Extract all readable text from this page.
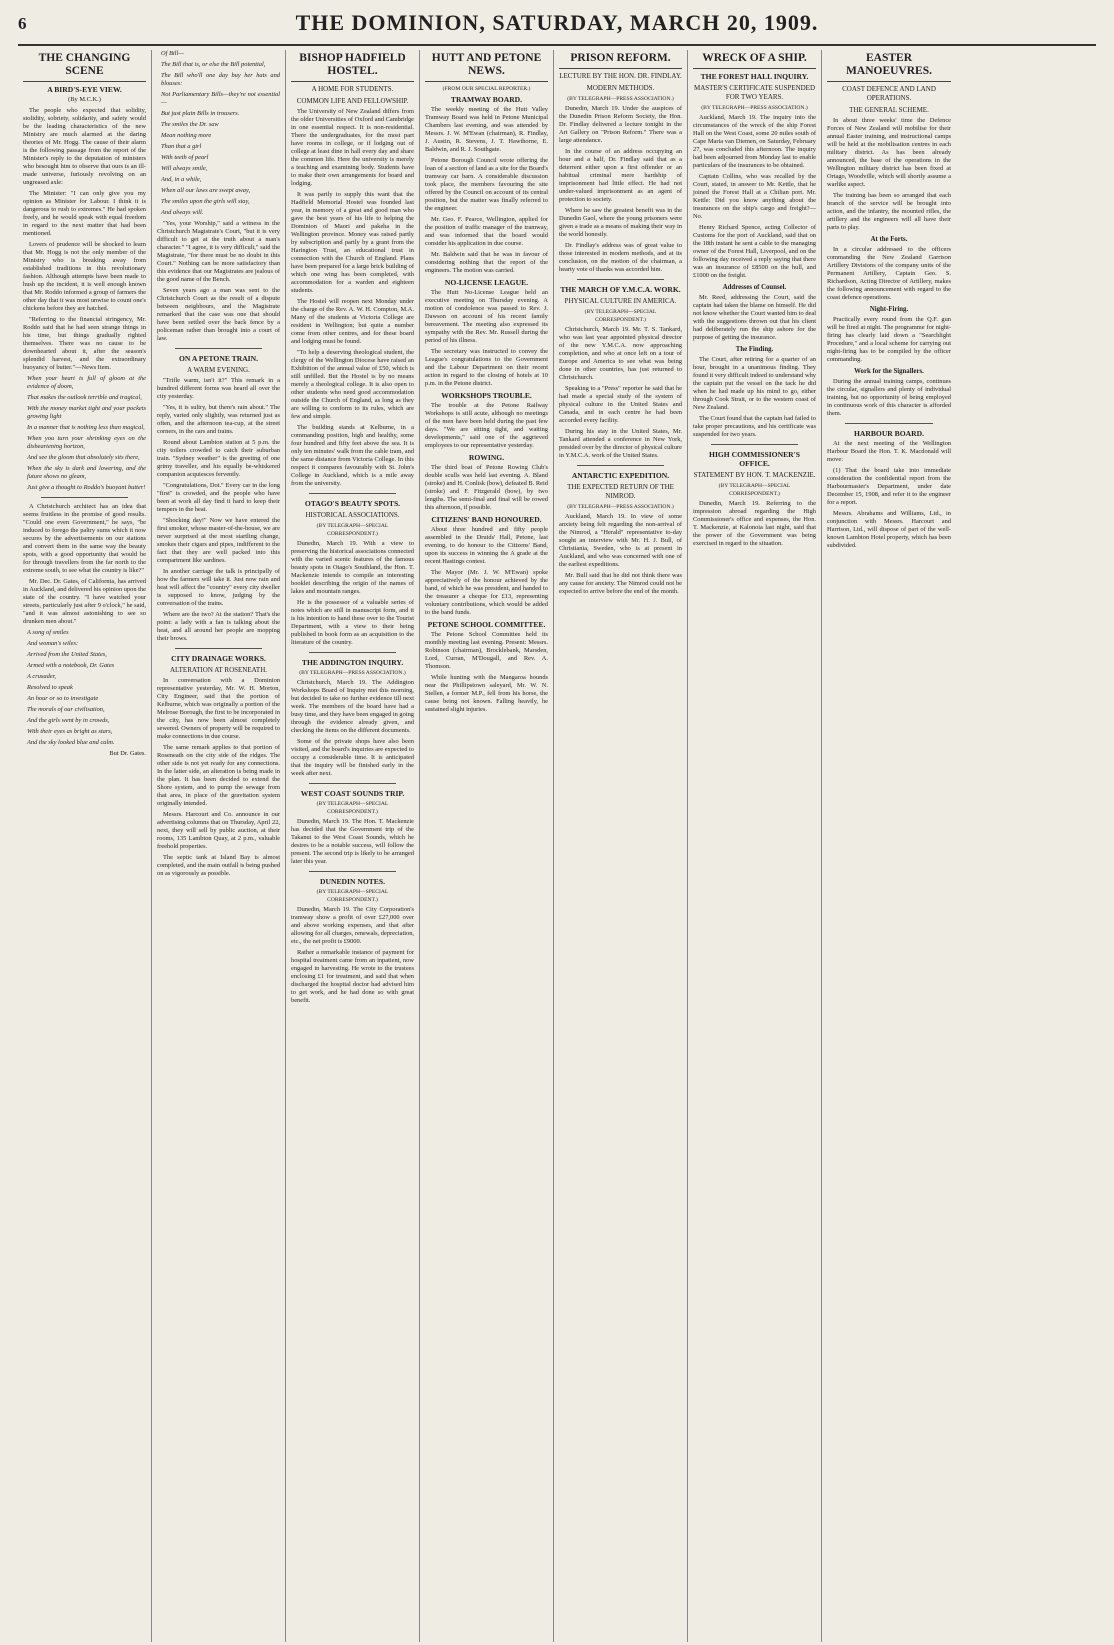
6	THE DOMINION, SATURDAY, MARCH 20, 1909.
THE CHANGING SCENE
A BIRD'S-EYE VIEW.
(By M.C.K.)

The people who expected that solidity, stolidity, sobriety, solidarity, and safety would be the leading characteristics of the new Ministry are much alarmed at the daring theories of Mr. Hogg. The cause of their alarm is the following passage from the report of the Minister's reply to the deputation of ministers who besought him to observe that ours is an ill-made universe, furiously revolving on an ungreased axle:

The Minister: "I can only give you my opinion as Minister for Labour. I think it is dangerous to rush to extremes." He had spoken freely, and he would speak with equal freedom in regard to the next matter that had been mentioned.

Lovers of prudence will be shocked to learn that Mr. Hogg is not the only member of the Ministry who is breaking away from established traditions in this revolutionary fashion. Although attempts have been made to hush up the incident, it is well enough known that Mr. Roddo informed a group of farmers the other day that it was most unwise to count one's chickens before they are hatched.

"Referring to the financial stringency, Mr. Roddo said that he had seen strange things in his time, but things gradually righted themselves. There was no cause to be downhearted about it, after the season's splendid harvest, and the extraordinary buoyancy of butter."—News Item.

When your heart is full of gloom at the evidence of doom,

That makes the outlook terrible and tragical,

With the money market tight and your pockets growing light

In a manner that is nothing less than magical,

When you turn your shrinking eyes on the disheartening horizon,

And see the gloom that absolutely sits there,

When the sky is dark and lowering, and the future shows no gleam,

Just give a thought to Roddo's buoyant butter!

A Christchurch architect has an idea that seems fruitless in the promise of good results. "Could one even Government," he says, "be induced to forego the paltry sums which it now secures by the advertisements on our stations and convert them in the same way the beauty spots, with a good opportunity that would be for through travellers from the far north to the extreme south, to see what the country is like?"

Mr. Dec. Dr. Gates, of California, has arrived in Auckland, and delivered his opinion upon the state of the country. "I have watched your streets, particularly just after 9 o'clock," he said, "and it was almost astonishing to see so drunken men about."

A song of smiles

And woman's wiles:

Arrived from the United States,

Armed with a notebook, Dr. Gates

A crusader,

Resolved to speak

An hour or so to investigate

The morals of our civilisation,

And the girls went by in crowds,

With their eyes as bright as stars,

And the sky looked blue and calm.

But Dr. Gates.

Of Bill—

The Bill that is, or else the Bill potential,

The Bill who'll one day buy her hats and blouses:

Not Parliamentary Bills—they're not essential—

But just plain Bills in trousers.

The smiles the Dr. saw

Mean nothing more

Than that a girl

With teeth of pearl

Will always smile,

And, in a while,

When all our laws are swept away,

The smiles upon the girls will stay,

And always will.

"Yes, your Worship," said a witness in the Christchurch Magistrate's Court, "but it is very difficult to get at the truth about a man's character." "I agree, it is very difficult," said the Magistrate, "for there must be no doubt in this Court." Nothing can be more satisfactory than this evidence that our Magistrates are jealous of the good name of the Bench.

Seven years ago a man was sent to the Christchurch Court as the result of a dispute between neighbours, and the Magistrate remarked that the case was one that should have been settled over the back fence by a policeman rather than brought into a court of law.

ON A PETONE TRAIN.
A WARM EVENING.

"Trifle warm, isn't it?" This remark in a hundred different forms was heard all over the city yesterday.

"Yes, it is sultry, but there's rain about." The reply, varied only slightly, was returned just as often, and the afternoon tea-cup, at the street corners, in the cars and trains.

Round about Lambton station at 5 p.m. the city toilers crowded to catch their suburban train. "Sydney weather" is the greeting of one grimy traveller, and his equally be-whiskered companion acquiesces fervently.

"Congratulations, Dot." Every car in the long "first" is crowded, and the people who have been at work all day find it hard to keep their tempers in the heat.

"Shocking day!" Now we have entered the first smoker, whose master-of-the-house, we are never surprised at the most startling change, smokes their cigars and pipes, indifferent to the fact that they are well packed into this compartment like sardines.

In another carriage the talk is principally of how the farmers will take it. Just now rain and heat will affect the "country" every city dweller is supposed to know, judging by the conversation of the trains.

Where are the two? At the station? That's the point: a lady with a fan is talking about the heat, and all around her people are mopping their brows.

CITY DRAINAGE WORKS.
ALTERATION AT ROSENEATH.

In conversation with a Dominion representative yesterday, Mr. W. H. Morton, City Engineer, said that the portion of Kelburne, which was originally a portion of the Melrose Borough, the first to be incorporated in the city, has now been almost completely sewered. Owners of property will be required to make connections in due course.

The same remark applies to that portion of Roseneath on the city side of the ridges. The other side is not yet ready for any connections. In the latter side, an alteration is being made in the plan. It has been decided to extend the Shore system, and to pump the sewage from that area, in place of the gravitation system originally intended.

Messrs. Harcourt and Co. announce in our advertising columns that on Thursday, April 22, next, they will sell by public auction, at their rooms, 135 Lambton Quay, at 2 p.m., valuable freehold properties.

The septic tank at Island Bay is almost completed, and the main outfall is being pushed on as vigorously as possible.

BISHOP HADFIELD HOSTEL.
A HOME FOR STUDENTS.
COMMON LIFE AND FELLOWSHIP.

The University of New Zealand differs from the older Universities of Oxford and Cambridge in one essential respect. It is non-residential. There the undergraduates, for the most part have rooms in college, or if lodging out of college at least dine in hall every day and share the common life. Here the university is merely a teaching and examining body. Students have to make their own arrangements for board and lodging.

It was partly to supply this want that the Hadfield Memorial Hostel was founded last year, in memory of a great and good man who gave the best years of his life to helping the Dominion of Maori and pakeha in the Wellington province. Money was raised partly by subscription and partly by a grant from the Harington Trust, an educational trust in connection with the Church of England. Plans have been prepared for a large brick building of which one wing has been completed, with accommodation for a warden and eighteen students.

The Hostel will reopen next Monday under the charge of the Rev. A. W. H. Compton, M.A. Many of the students at Victoria College are resident in Wellington; but quite a number come from other centres, and for these board and lodging must be found.

"To help a deserving theological student, the clergy of the Wellington Diocese have raised an Exhibition of the annual value of £50, which is still unfilled. But the Hostel is by no means merely a theological college. It is also open to other students who need good accommodation outside the Church of England, as long as they are willing to conform to its rules, which are few and simple.

The building stands at Kelburne, in a commanding position, high and healthy, some four hundred and fifty feet above the sea. It is only ten minutes' walk from the cable tram, and the same distance from Victoria College. In this respect it compares favourably with St. John's College in Auckland, which is a mile away from the university.

OTAGO'S BEAUTY SPOTS.
HISTORICAL ASSOCIATIONS.
(BY TELEGRAPH—SPECIAL CORRESPONDENT.)

Dunedin, March 19. With a view to preserving the historical associations connected with the varied scenic features of the famous beauty spots in Otago's Southland, the Hon. T. Mackenzie intends to compile an interesting booklet describing the origin of the names of lakes and mountain ranges.

He is the possessor of a valuable series of notes which are still in manuscript form, and it is his intention to hand these over to the Tourist Department, with a view to their being published in book form as an acquisition to the literature of the country.

THE ADDINGTON INQUIRY.
(BY TELEGRAPH—PRESS ASSOCIATION.)

Christchurch, March 19. The Addington Workshops Board of Inquiry met this morning, but decided to take no further evidence till next week. The members of the board have had a busy time, and they have been engaged in going through the evidence already given, and checking the items on the different documents.

Some of the private shops have also been visited, and the board's inquiries are expected to occupy a considerable time. It is anticipated that the inquiry will be finished early in the week after next.

WEST COAST SOUNDS TRIP.
(BY TELEGRAPH—SPECIAL CORRESPONDENT.)

Dunedin, March 19. The Hon. T. Mackenzie has decided that the Government trip of the Takanui to the West Coast Sounds, which he desires to be a notable success, will follow the present. The second trip is likely to be arranged later this year.

DUNEDIN NOTES.
(BY TELEGRAPH—SPECIAL CORRESPONDENT.)

Dunedin, March 19. The City Corporation's tramway show a profit of over £27,000 over and above working expenses, and that after allowing for all charges, renewals, depreciation, etc., the net profit is £9000.

Rather a remarkable instance of payment for hospital treatment came from an inpatient, now engaged in harvesting. He wrote to the trustees enclosing £1 for treatment, and said that when discharged the hospital doctor had advised him to get work, and he had done so with great benefit.

HUTT AND PETONE NEWS.
(FROM OUR SPECIAL REPORTER.)
TRAMWAY BOARD.

The weekly meeting of the Hutt Valley Tramway Board was held in Petone Municipal Chambers last evening, and was attended by Messrs. J. W. M'Ewan (chairman), R. Findlay, J. Austin, R. Stevens, J. T. Hawthorne, E. Baldwin, and R. J. Southgate.

Petone Borough Council wrote offering the loan of a section of land as a site for the Board's tramway car barn. A considerable discussion took place, the members favouring the site offered by the Council on account of its central position, but the matter was finally referred to the engineer.

Mr. Geo. F. Pearce, Wellington, applied for the position of traffic manager of the tramway, and was informed that the board would consider his application in due course.

Mr. Baldwin said that he was in favour of considering nothing that the report of the engineers. The motion was carried.

NO-LICENSE LEAGUE.

The Hutt No-License League held an executive meeting on Thursday evening. A motion of condolence was passed to Rev. J. Dawson on account of his recent family bereavement. The meeting also expressed its sympathy with the Rev. Mr. Russell during the period of his illness.

The secretary was instructed to convey the League's congratulations to the Government and the Labour Department on their recent action in regard to the closing of hotels at 10 p.m. in the Petone district.

WORKSHOPS TROUBLE.

The trouble at the Petone Railway Workshops is still acute, although no meetings of the men have been held during the past few days. "We are sitting tight, and waiting developments," said one of the aggrieved employees to our representative yesterday.

ROWING.

The third boat of Petone Rowing Club's double sculls was held last evening. A. Bland (stroke) and H. Conlisk (bow), defeated B. Reid (stroke) and F. Fitzgerald (bow), by two lengths. The semi-final and final will be rowed this afternoon, if possible.

CITIZENS' BAND HONOURED.

About three hundred and fifty people assembled in the Druids' Hall, Petone, last evening, to do honour to the Citizens' Band, upon its success in winning the A grade at the recent Hastings contest.

The Mayor (Mr. J. W. M'Ewan) spoke appreciatively of the honour achieved by the band, of which he was president, and handed to the treasurer a cheque for £13, representing voluntary contributions, which would be added to the band funds.

PETONE SCHOOL COMMITTEE.

The Petone School Committee held its monthly meeting last evening. Present: Messrs. Robinson (chairman), Brocklebank, Marsden, Lord, Curran, M'Dougall, and Rev. A. Thomson.

While hunting with the Mangaroa hounds near the Phillipstown saleyard, Mr. W. N. Stellen, a former M.P., fell from his horse, the cause being not known. Falling heavily, he sustained slight injuries.

PRISON REFORM.
LECTURE BY THE HON. DR. FINDLAY.
MODERN METHODS.
(BY TELEGRAPH—PRESS ASSOCIATION.)

Dunedin, March 19. Under the auspices of the Dunedin Prison Reform Society, the Hon. Dr. Findlay delivered a lecture tonight in the Art Gallery on "Prison Reform." There was a large attendance.

In the course of an address occupying an hour and a half, Dr. Findlay said that as a deterrent either upon a first offender or an habitual criminal mere hardship of imprisonment had little effect. He had not under-valued imprisonment as an agent of protection to society.

Where he saw the greatest benefit was in the Dunedin Gaol, where the young prisoners were given a trade as a means of making their way in the world honestly.

Dr. Findlay's address was of great value to those interested in modern methods, and at its conclusion, on the motion of the chairman, a hearty vote of thanks was accorded him.

THE MARCH OF Y.M.C.A. WORK.
PHYSICAL CULTURE IN AMERICA.
(BY TELEGRAPH—SPECIAL CORRESPONDENT.)

Christchurch, March 19. Mr. T. S. Tankard, who was last year appointed physical director of the new Y.M.C.A. now approaching completion, and who at once left on a tour of Europe and America to see what was being done in other countries, has just returned to Christchurch.

Speaking to a "Press" reporter he said that he had made a special study of the system of physical culture in the United States and Canada, and in each centre he had been accorded every facility.

During his stay in the United States, Mr. Tankard attended a conference in New York, presided over by the director of physical culture in Y.M.C.A. work of the United States.

ANTARCTIC EXPEDITION.
THE EXPECTED RETURN OF THE NIMROD.
(BY TELEGRAPH—PRESS ASSOCIATION.)

Auckland, March 19. In view of some anxiety being felt regarding the non-arrival of the Nimrod, a "Herald" representative to-day sought an interview with Mr. H. J. Bull, of Christiania, Sweden, who is at present in Auckland, and who was concerned with one of the earliest expeditions.

Mr. Bull said that he did not think there was any cause for anxiety. The Nimrod could not be expected to arrive before the end of the month.

WRECK OF A SHIP.
THE FOREST HALL INQUIRY.
MASTER'S CERTIFICATE SUSPENDED FOR TWO YEARS.
(BY TELEGRAPH—PRESS ASSOCIATION.)

Auckland, March 19. The inquiry into the circumstances of the wreck of the ship Forest Hall on the West Coast, some 20 miles south of Cape Maria van Diemen, on Saturday, February 27, was concluded this afternoon. The inquiry had been adjourned from Monday last to enable particulars of the insurances to be obtained.

Captain Collins, who was recalled by the Court, stated, in answer to Mr. Kettle, that he joined the Forest Hall at a Chilian port. Mr. Kettle: Did you know anything about the insurances on the ship's cargo and freight?—No.

Henry Richard Spence, acting Collector of Customs for the port of Auckland, said that on the 18th instant he sent a cable to the managing owner of the Forest Hall, Liverpool, and on the following day received a reply saying that there was an insurance of £8500 on the hull, and £1000 on the freight.

Addresses of Counsel.

Mr. Reed, addressing the Court, said the captain had taken the blame on himself. He did not know whether the Court wanted him to deal with the suggestions thrown out that his client had deliberately run the ship ashore for the purpose of getting the insurance.

The Finding.

The Court, after retiring for a quarter of an hour, brought in a unanimous finding. They found it very difficult indeed to understand why the captain put the vessel on the tack he did when he had made up his mind to go, either through Cook Strait, or to the western coast of New Zealand.

The Court found that the captain had failed to take proper precautions, and his certificate was suspended for two years.

HIGH COMMISSIONER'S OFFICE.
STATEMENT BY HON. T. MACKENZIE.
(BY TELEGRAPH—SPECIAL CORRESPONDENT.)

Dunedin, March 19. Referring to the impression abroad regarding the High Commissioner's office and expenses, the Hon. T. Mackenzie, at Kalonoia last night, said that the power of the Government was being exercised in regard to the situation.

EASTER MANOEUVRES.
COAST DEFENCE AND LAND OPERATIONS.
THE GENERAL SCHEME.

In about three weeks' time the Defence Forces of New Zealand will mobilise for their annual Easter training, and instructional camps will be held at the mobilisation centres in each military district. As has been already announced, the base of the operations in the Wellington military district has been fixed at Ortago, Woodville, which will shortly assume a warlike aspect.

The training has been so arranged that each branch of the service will be brought into action, and the infantry, the mounted rifles, the artillery and the engineers will all have their parts to play.

At the Forts.

In a circular addressed to the officers commanding the New Zealand Garrison Artillery Divisions of the company units of the Permanent Artillery, Captain Geo. S. Richardson, Acting Director of Artillery, makes the following announcement with regard to the coast defence operations.

Night-Firing.

Practically every round from the Q.F. gun will be fired at night. The programme for night-firing has clearly laid down a "Searchlight Procedure," and a local scheme for carrying out night-firing has to be compiled by the officer commanding.

Work for the Signallers.

During the annual training camps, continues the circular, signallers and plenty of individual training, but no opportunity of being employed in continuous work of this character is afforded them.

HARBOUR BOARD.

At the next meeting of the Wellington Harbour Board the Hon. T. K. Macdonald will move:

(1) That the board take into immediate consideration the confidential report from the Harbourmaster's Department, under date December 15, 1908, and refer it to the engineer for a report.

Messrs. Abrahams and Williams, Ltd., in conjunction with Messrs. Harcourt and Harrison, Ltd., will dispose of part of the well-known Lambton Hotel property, which has been subdivided.
